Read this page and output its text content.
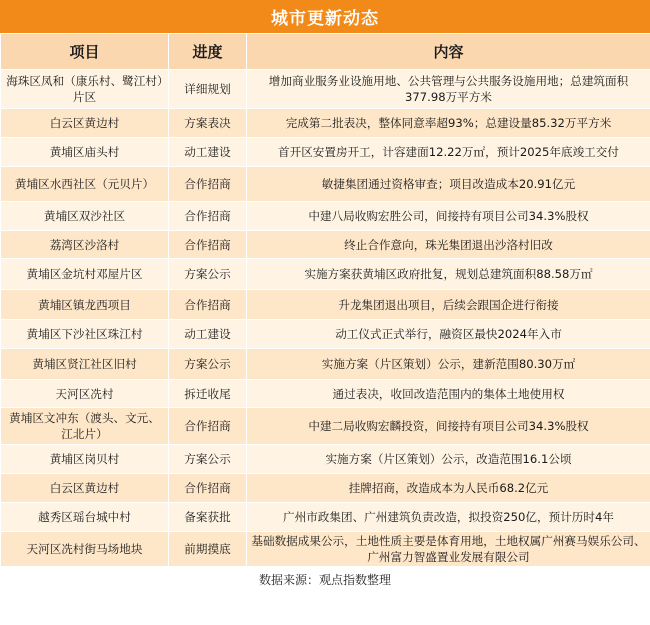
城市更新动态
项目	进度	内容
海珠区凤和（康乐村、鹭江村）片区	详细规划	增加商业服务业设施用地、公共管理与公共服务设施用地；总建筑面积377.98万平方米
白云区黄边村	方案表决	完成第二批表决，整体同意率超93%；总建设量85.32万平方米
黄埔区庙头村	动工建设	首开区安置房开工，计容建面12.22万㎡，预计2025年底竣工交付
黄埔区水西社区（元贝片）	合作招商	敏捷集团通过资格审查；项目改造成本20.91亿元
黄埔区双沙社区	合作招商	中建八局收购宏胜公司，间接持有项目公司34.3%股权
荔湾区沙洛村	合作招商	终止合作意向，珠光集团退出沙洛村旧改
黄埔区金坑村邓屋片区	方案公示	实施方案获黄埔区政府批复，规划总建筑面积88.58万㎡
黄埔区镇龙西项目	合作招商	升龙集团退出项目，后续会跟国企进行衔接
黄埔区下沙社区珠江村	动工建设	动工仪式正式举行，融资区最快2024年入市
黄埔区贤江社区旧村	方案公示	实施方案（片区策划）公示，建新范围80.30万㎡
天河区冼村	拆迁收尾	通过表决，收回改造范围内的集体土地使用权
黄埔区文冲东（渡头、文元、江北片）	合作招商	中建二局收购宏麟投资，间接持有项目公司34.3%股权
黄埔区岗贝村	方案公示	实施方案（片区策划）公示，改造范围16.1公顷
白云区黄边村	合作招商	挂牌招商，改造成本为人民币68.2亿元
越秀区瑶台城中村	备案获批	广州市政集团、广州建筑负责改造，拟投资250亿，预计历时4年
天河区冼村街马场地块	前期摸底	基础数据成果公示，土地性质主要是体育用地，土地权属广州赛马娱乐公司、广州富力智盛置业发展有限公司
数据来源：观点指数整理
